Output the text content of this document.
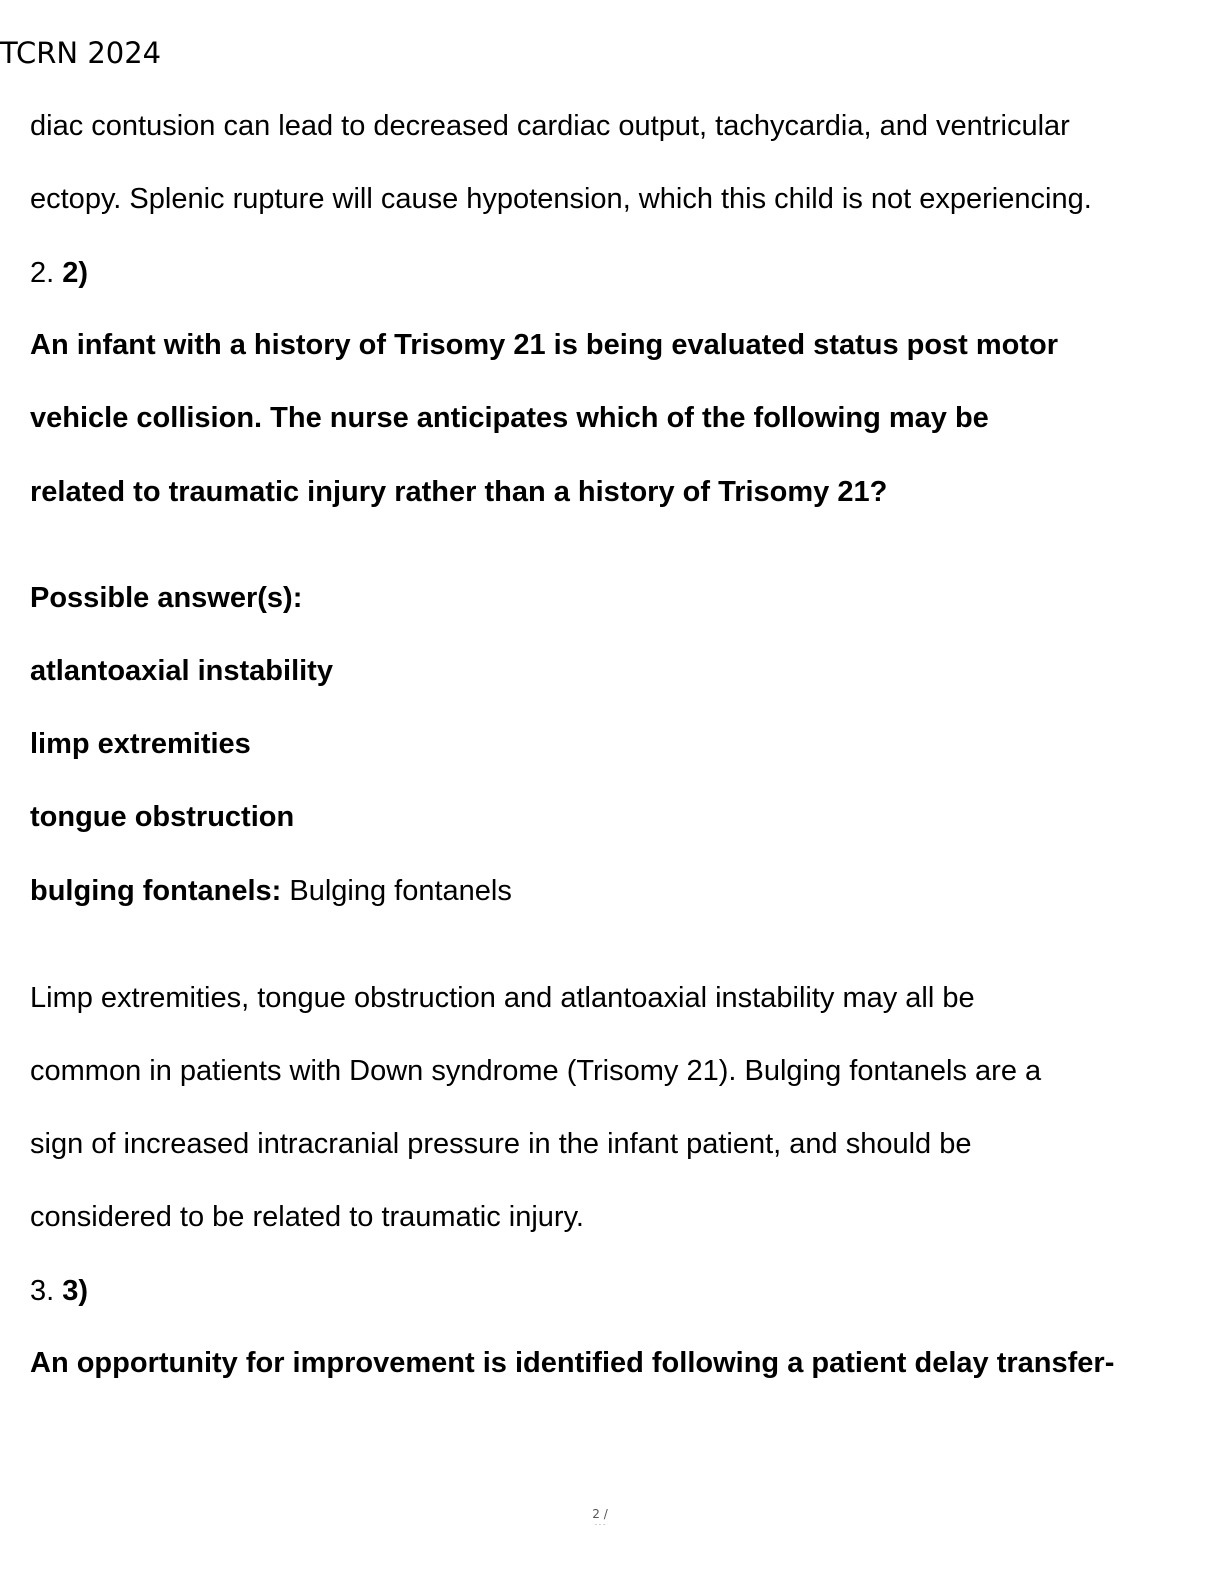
TCRN 2024
diac contusion can lead to decreased cardiac output, tachycardia, and ventricular
ectopy. Splenic rupture will cause hypotension, which this child is not experiencing.
2. 2)
An infant with a history of Trisomy 21 is being evaluated status post motor
vehicle collision. The nurse anticipates which of the following may be
related to traumatic injury rather than a history of Trisomy 21?
Possible answer(s):
atlantoaxial instability
limp extremities
tongue obstruction
bulging fontanels: Bulging fontanels
Limp extremities, tongue obstruction and atlantoaxial instability may all be
common in patients with Down syndrome (Trisomy 21). Bulging fontanels are a
sign of increased intracranial pressure in the infant patient, and should be
considered to be related to traumatic injury.
3. 3)
An opportunity for improvement is identified following a patient delay transfer-
2 /
- - -
